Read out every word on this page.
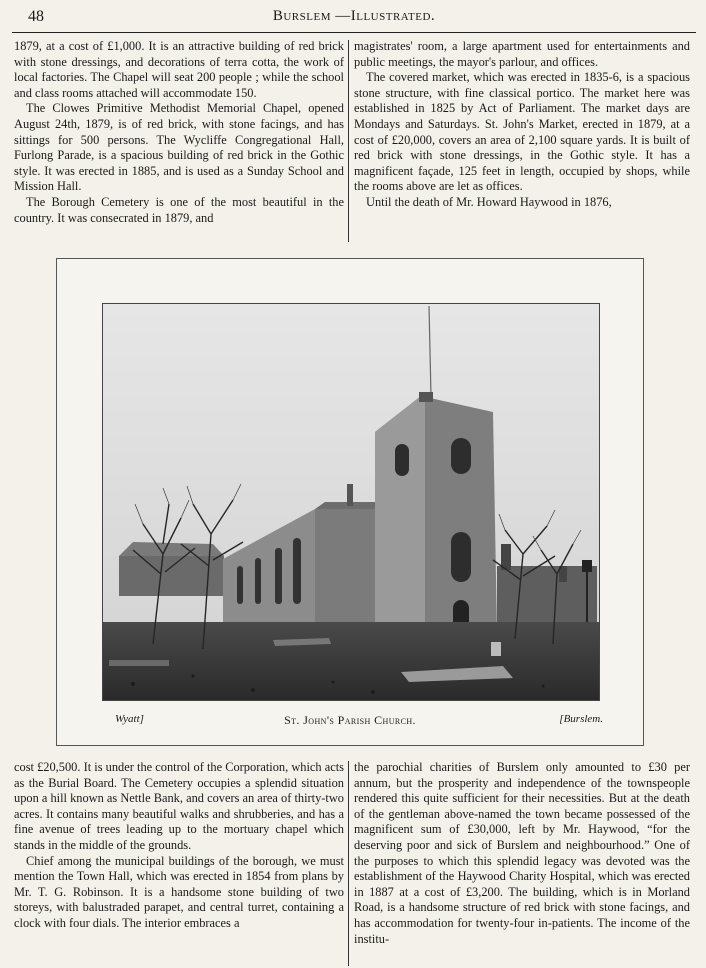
48	Burslem —Illustrated.

1879, at a cost of £1,000. It is an attractive building of red brick with stone dressings, and decorations of terra cotta, the work of local factories. The Chapel will seat 200 people ; while the school and class rooms attached will accommodate 150.

The Clowes Primitive Methodist Memorial Chapel, opened August 24th, 1879, is of red brick, with stone facings, and has sittings for 500 persons. The Wycliffe Congregational Hall, Furlong Parade, is a spacious building of red brick in the Gothic style. It was erected in 1885, and is used as a Sunday School and Mission Hall.

The Borough Cemetery is one of the most beautiful in the country. It was consecrated in 1879, and

magistrates' room, a large apartment used for entertainments and public meetings, the mayor's parlour, and offices.

The covered market, which was erected in 1835-6, is a spacious stone structure, with fine classical portico. The market here was established in 1825 by Act of Parliament. The market days are Mondays and Saturdays. St. John's Market, erected in 1879, at a cost of £20,000, covers an area of 2,100 square yards. It is built of red brick with stone dressings, in the Gothic style. It has a magnificent façade, 125 feet in length, occupied by shops, while the rooms above are let as offices.

Until the death of Mr. Howard Haywood in 1876,

Wyatt]	St. John's Parish Church.	[Burslem.

cost £20,500. It is under the control of the Corporation, which acts as the Burial Board. The Cemetery occupies a splendid situation upon a hill known as Nettle Bank, and covers an area of thirty-two acres. It contains many beautiful walks and shrubberies, and has a fine avenue of trees leading up to the mortuary chapel which stands in the middle of the grounds.

Chief among the municipal buildings of the borough, we must mention the Town Hall, which was erected in 1854 from plans by Mr. T. G. Robinson. It is a handsome stone building of two storeys, with balustraded parapet, and central turret, containing a clock with four dials. The interior embraces a

the parochial charities of Burslem only amounted to £30 per annum, but the prosperity and independence of the townspeople rendered this quite sufficient for their necessities. But at the death of the gentleman above-named the town became possessed of the magnificent sum of £30,000, left by Mr. Haywood, “for the deserving poor and sick of Burslem and neighbourhood.” One of the purposes to which this splendid legacy was devoted was the establishment of the Haywood Charity Hospital, which was erected in 1887 at a cost of £3,200. The building, which is in Morland Road, is a handsome structure of red brick with stone facings, and has accommodation for twenty-four in-patients. The income of the institu-
